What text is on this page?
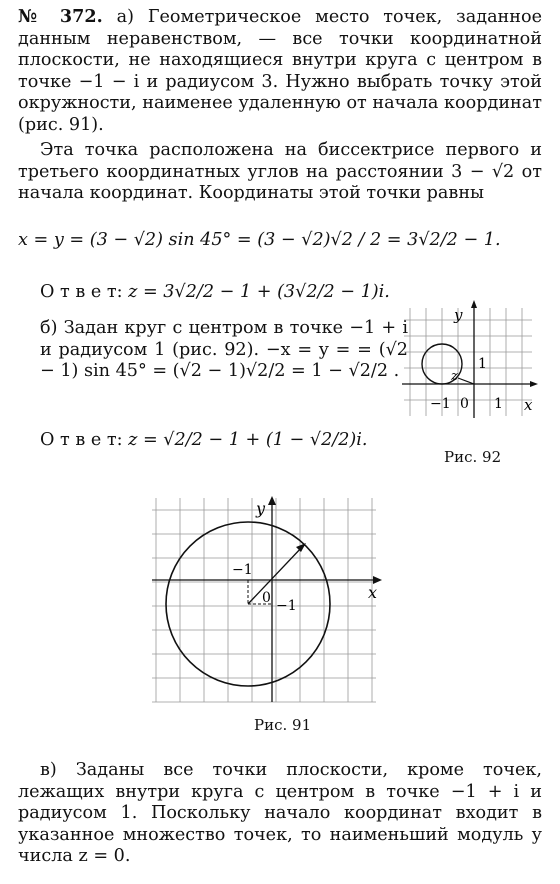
№ 372. а) Геометрическое место точек, заданное данным неравенством, — все точки координатной плоскости, не находящиеся внутри круга с центром в точке −1 − i и радиусом 3. Нужно выбрать точку этой окружности, наименее удаленную от начала координат (рис. 91).
Эта точка расположена на биссектрисе первого и третьего координатных углов на расстоянии 3 − √2 от начала координат. Координаты этой точки равны
x = y = (3 − √2) sin 45° = (3 − √2)√2 / 2 = 3√2/2 − 1.
О т в е т: z = 3√2/2 − 1 + (3√2/2 − 1)i.
б) Задан круг с центром в точке −1 + i и радиусом 1 (рис. 92). −x = y = = (√2 − 1) sin 45° = (√2 − 1)√2/2 = 1 − √2/2 .
О т в е т: z = √2/2 − 1 + (1 − √2/2)i.
x
y
−1 0 1
1
z
Рис. 92
y
x
−1
0 −1
Рис. 91
в) Заданы все точки плоскости, кроме точек, лежащих внутри круга с центром в точке −1 + i и радиусом 1. Поскольку начало координат входит в указанное множество точек, то наименьший модуль у числа z = 0.
